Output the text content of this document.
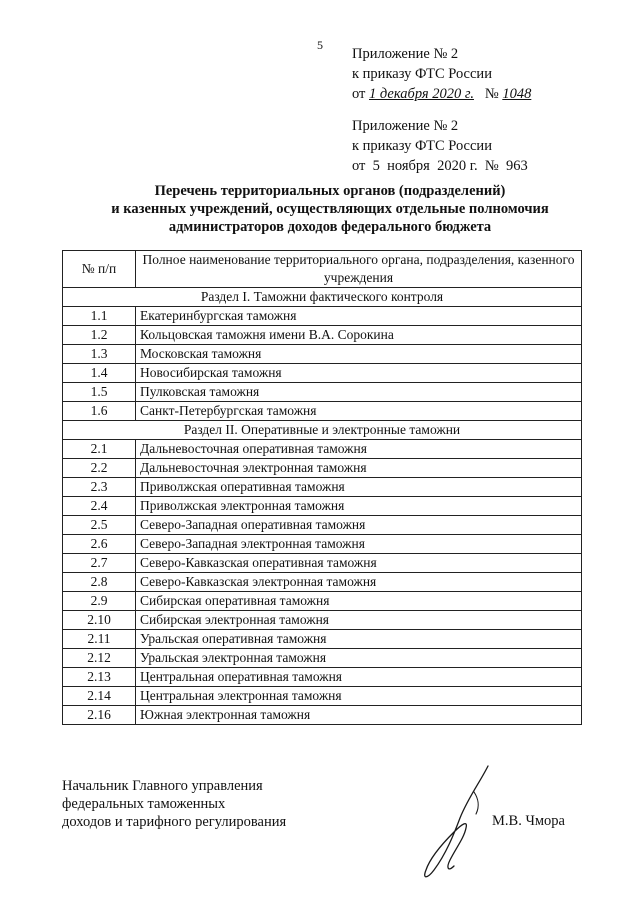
5
Приложение № 2
к приказу ФТС России
от 1 декабря 2020 г. № 1048
Приложение № 2
к приказу ФТС России
от  5  ноября  2020 г.  №  963
Перечень территориальных органов (подразделений)
и казенных учреждений, осуществляющих отдельные полномочия
администраторов доходов федерального бюджета
№ п/п	Полное наименование территориального органа, подразделения, казенного учреждения
Раздел I. Таможни фактического контроля	
1.1	Екатеринбургская таможня
1.2	Кольцовская таможня имени В.А. Сорокина
1.3	Московская таможня
1.4	Новосибирская таможня
1.5	Пулковская таможня
1.6	Санкт-Петербургская таможня
Раздел II. Оперативные и электронные таможни	
2.1	Дальневосточная оперативная таможня
2.2	Дальневосточная электронная таможня
2.3	Приволжская оперативная таможня
2.4	Приволжская электронная таможня
2.5	Северо-Западная оперативная таможня
2.6	Северо-Западная электронная таможня
2.7	Северо-Кавказская оперативная таможня
2.8	Северо-Кавказская электронная таможня
2.9	Сибирская оперативная таможня
2.10	Сибирская электронная таможня
2.11	Уральская оперативная таможня
2.12	Уральская электронная таможня
2.13	Центральная оперативная таможня
2.14	Центральная электронная таможня
2.16	Южная электронная таможня
Начальник Главного управления
федеральных таможенных
доходов и тарифного регулирования	М.В. Чмора
